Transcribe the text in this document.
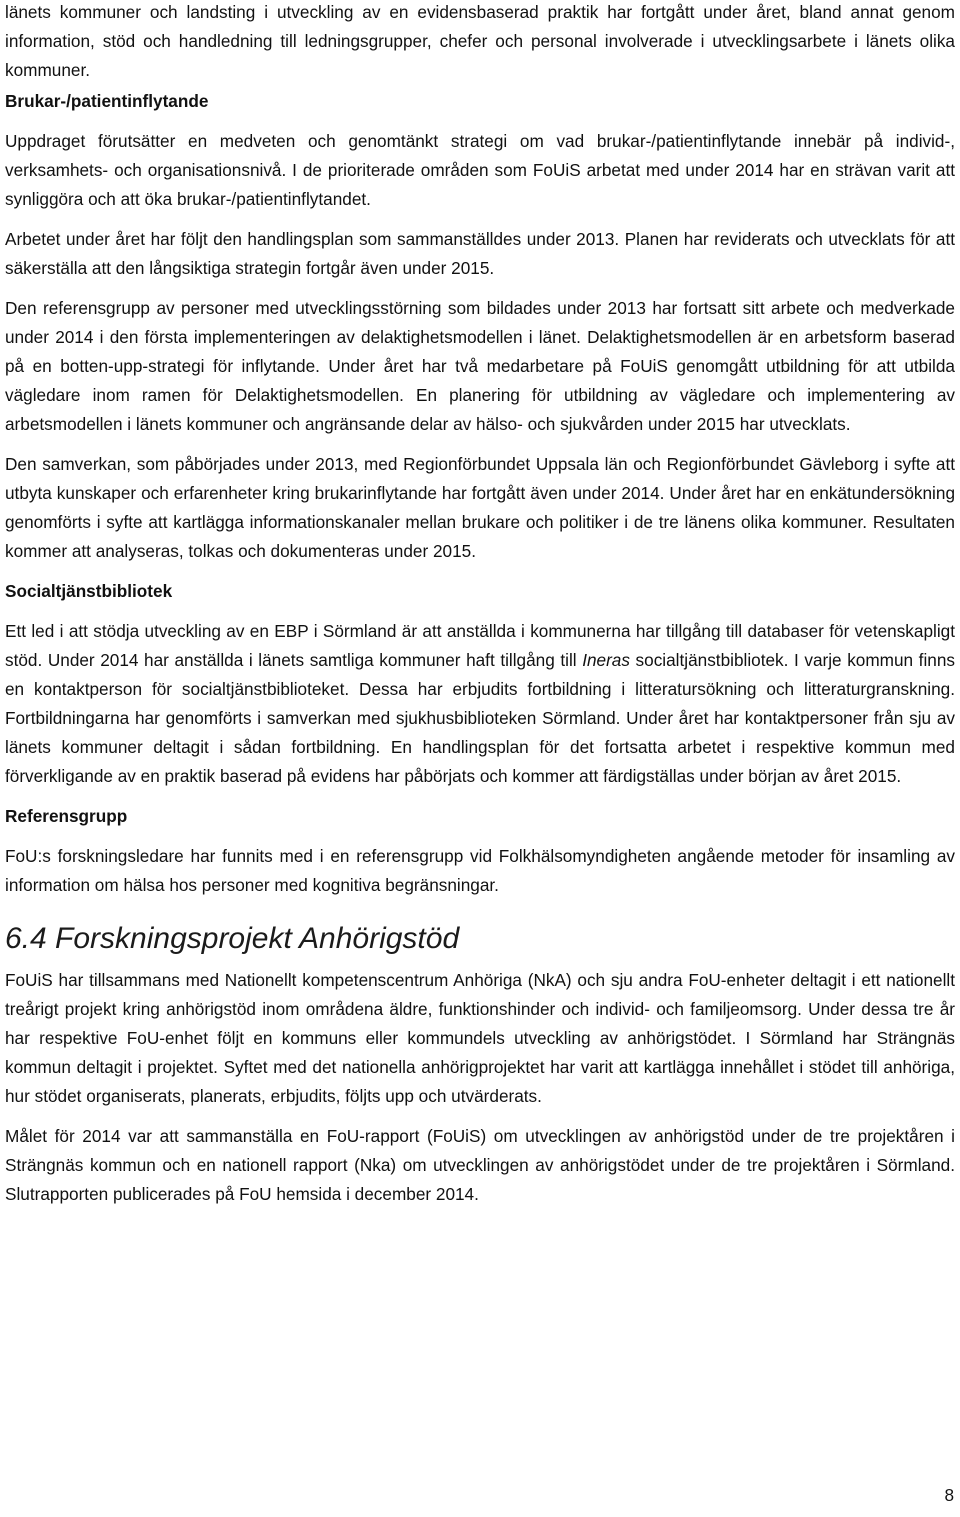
länets kommuner och landsting i utveckling av en evidensbaserad praktik har fortgått under året, bland annat genom information, stöd och handledning till ledningsgrupper, chefer och personal involverade i utvecklingsarbete i länets olika kommuner.

Brukar-/patientinflytande

Uppdraget förutsätter en medveten och genomtänkt strategi om vad brukar-/patientinflytande innebär på individ-, verksamhets- och organisationsnivå. I de prioriterade områden som FoUiS arbetat med under 2014 har en strävan varit att synliggöra och att öka brukar-/patientinflytandet.

Arbetet under året har följt den handlingsplan som sammanställdes under 2013. Planen har reviderats och utvecklats för att säkerställa att den långsiktiga strategin fortgår även under 2015.

Den referensgrupp av personer med utvecklingsstörning som bildades under 2013 har fortsatt sitt arbete och medverkade under 2014 i den första implementeringen av delaktighetsmodellen i länet. Delaktighetsmodellen är en arbetsform baserad på en botten-upp-strategi för inflytande. Under året har två medarbetare på FoUiS genomgått utbildning för att utbilda vägledare inom ramen för Delaktighetsmodellen. En planering för utbildning av vägledare och implementering av arbetsmodellen i länets kommuner och angränsande delar av hälso- och sjukvården under 2015 har utvecklats.

Den samverkan, som påbörjades under 2013, med Regionförbundet Uppsala län och Regionförbundet Gävleborg i syfte att utbyta kunskaper och erfarenheter kring brukarinflytande har fortgått även under 2014. Under året har en enkätundersökning genomförts i syfte att kartlägga informationskanaler mellan brukare och politiker i de tre länens olika kommuner. Resultaten kommer att analyseras, tolkas och dokumenteras under 2015.

Socialtjänstbibliotek

Ett led i att stödja utveckling av en EBP i Sörmland är att anställda i kommunerna har tillgång till databaser för vetenskapligt stöd. Under 2014 har anställda i länets samtliga kommuner haft tillgång till Ineras socialtjänstbibliotek. I varje kommun finns en kontaktperson för socialtjänstbiblioteket. Dessa har erbjudits fortbildning i litteratursökning och litteraturgranskning. Fortbildningarna har genomförts i samverkan med sjukhusbiblioteken Sörmland. Under året har kontaktpersoner från sju av länets kommuner deltagit i sådan fortbildning. En handlingsplan för det fortsatta arbetet i respektive kommun med förverkligande av en praktik baserad på evidens har påbörjats och kommer att färdigställas under början av året 2015.

Referensgrupp

FoU:s forskningsledare har funnits med i en referensgrupp vid Folkhälsomyndigheten angående metoder för insamling av information om hälsa hos personer med kognitiva begränsningar.

6.4 Forskningsprojekt Anhörigstöd

FoUiS har tillsammans med Nationellt kompetenscentrum Anhöriga (NkA) och sju andra FoU-enheter deltagit i ett nationellt treårigt projekt kring anhörigstöd inom områdena äldre, funktionshinder och individ- och familjeomsorg. Under dessa tre år har respektive FoU-enhet följt en kommuns eller kommundels utveckling av anhörigstödet. I Sörmland har Strängnäs kommun deltagit i projektet. Syftet med det nationella anhörigprojektet har varit att kartlägga innehållet i stödet till anhöriga, hur stödet organiserats, planerats, erbjudits, följts upp och utvärderats.

Målet för 2014 var att sammanställa en FoU-rapport (FoUiS) om utvecklingen av anhörigstöd under de tre projektåren i Strängnäs kommun och en nationell rapport (Nka) om utvecklingen av anhörigstödet under de tre projektåren i Sörmland. Slutrapporten publicerades på FoU hemsida i december 2014.

8
